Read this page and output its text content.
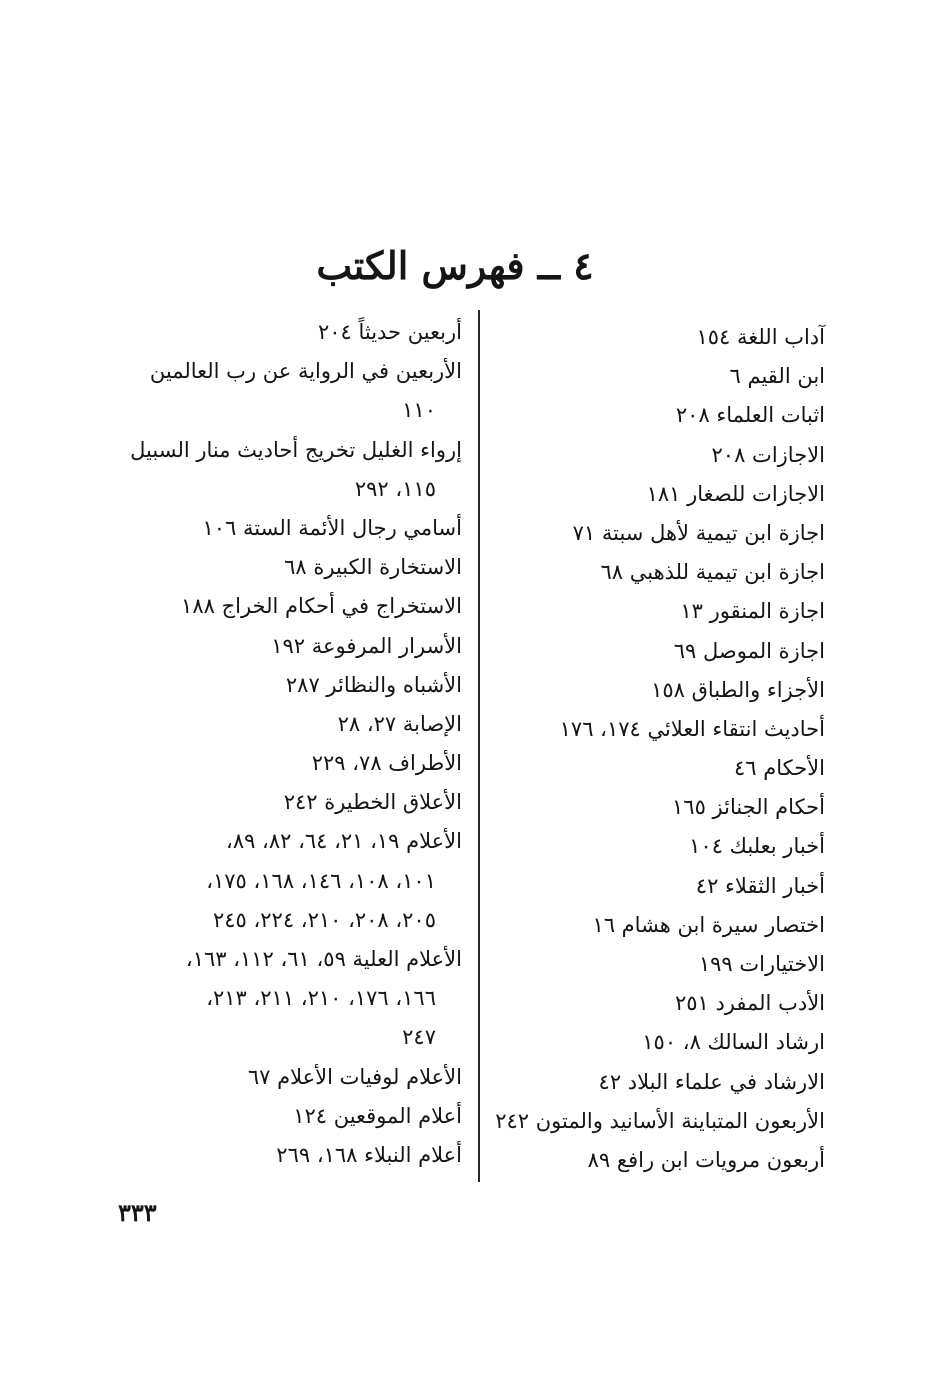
٤ ــ فهرس الكتب
آداب اللغة ١٥٤
ابن القيم ٦
اثبات العلماء ٢٠٨
الاجازات ٢٠٨
الاجازات للصغار ١٨١
اجازة ابن تيمية لأهل سبتة ٧١
اجازة ابن تيمية للذهبي ٦٨
اجازة المنقور ١٣
اجازة الموصل ٦٩
الأجزاء والطباق ١٥٨
أحاديث انتقاء العلائي ١٧٤، ١٧٦
الأحكام ٤٦
أحكام الجنائز ١٦٥
أخبار بعلبك ١٠٤
أخبار الثقلاء ٤٢
اختصار سيرة ابن هشام ١٦
الاختيارات ١٩٩
الأدب المفرد ٢٥١
ارشاد السالك ٨، ١٥٠
الارشاد في علماء البلاد ٤٢
الأربعون المتباينة الأسانيد والمتون ٢٤٢
أربعون مرويات ابن رافع ٨٩
أربعين حديثاً ٢٠٤
الأربعين في الرواية عن رب العالمين
١١٠
إرواء الغليل تخريج أحاديث منار السبيل
١١٥، ٢٩٢
أسامي رجال الأئمة الستة ١٠٦
الاستخارة الكبيرة ٦٨
الاستخراج في أحكام الخراج ١٨٨
الأسرار المرفوعة ١٩٢
الأشباه والنظائر ٢٨٧
الإصابة ٢٧، ٢٨
الأطراف ٧٨، ٢٢٩
الأعلاق الخطيرة ٢٤٢
الأعلام ١٩، ٢١، ٦٤، ٨٢، ٨٩،
١٠١، ١٠٨، ١٤٦، ١٦٨، ١٧٥،
٢٠٥، ٢٠٨، ٢١٠، ٢٢٤، ٢٤٥
الأعلام العلية ٥٩، ٦١، ١١٢، ١٦٣،
١٦٦، ١٧٦، ٢١٠، ٢١١، ٢١٣،
٢٤٧
الأعلام لوفيات الأعلام ٦٧
أعلام الموقعين ١٢٤
أعلام النبلاء ١٦٨، ٢٦٩
٣٣٣
